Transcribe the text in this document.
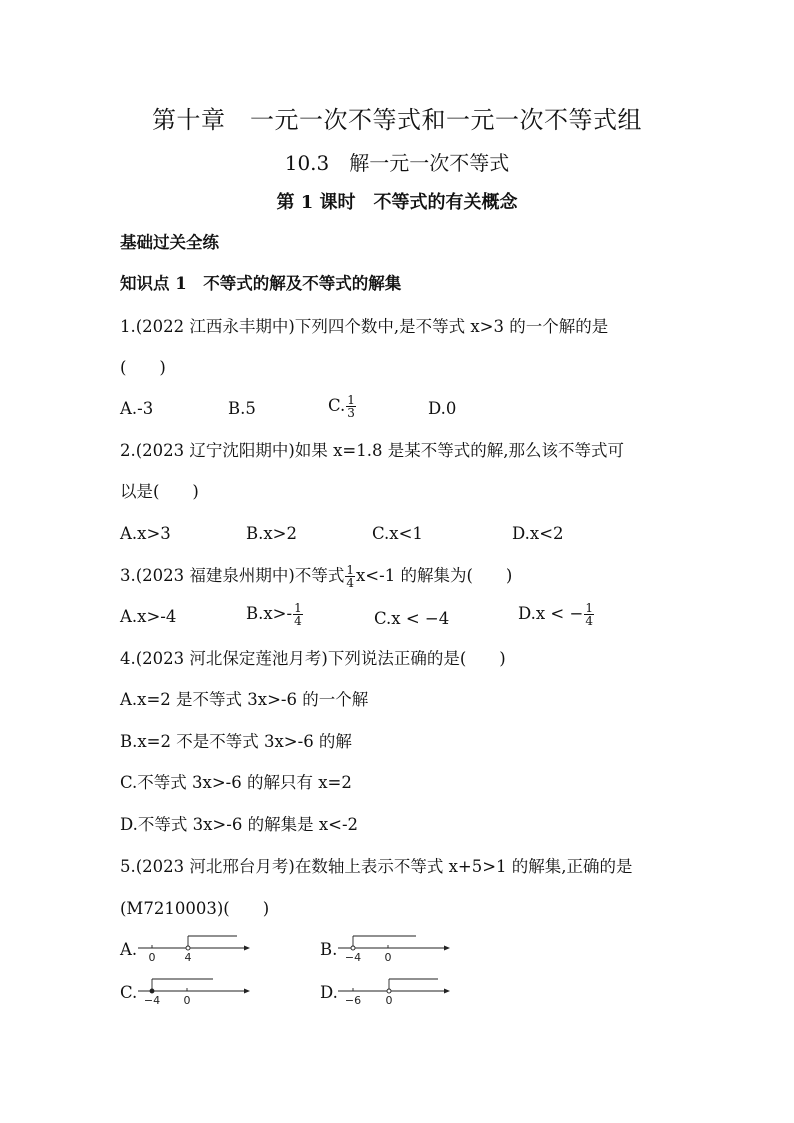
第十章　一元一次不等式和一元一次不等式组
10.3　解一元一次不等式
第 1 课时　不等式的有关概念
基础过关全练
知识点 1　不等式的解及不等式的解集
1.(2022 江西永丰期中)下列四个数中,是不等式 x>3 的一个解的是
(　　)
A.-3	B.5	C. $\frac{1}{3}$	D.0
2.(2023 辽宁沈阳期中)如果 x=1.8 是某不等式的解,那么该不等式可
以是(　　)
A.x>3	B.x>2	C.x<1	D.x<2
3.(2023 福建泉州期中)不等式 $\frac{1}{4} x<-1$ 的解集为(　　)
A.x>-4	$B.x>- \frac{1}{4}$	C.x < −4	D.x < − $\frac{1}{4}$
4.(2023 河北保定莲池月考)下列说法正确的是(　　)
A.x=2 是不等式 3x>-6 的一个解
B.x=2 不是不等式 3x>-6 的解
C.不等式 3x>-6 的解只有 x=2
D.不等式 3x>-6 的解集是 x<-2
5.(2023 河北邢台月考)在数轴上表示不等式 x+5>1 的解集,正确的是
(M7210003)(　　)
A. 0	4	B. −4 0
C. −4 0	D. −6 0
